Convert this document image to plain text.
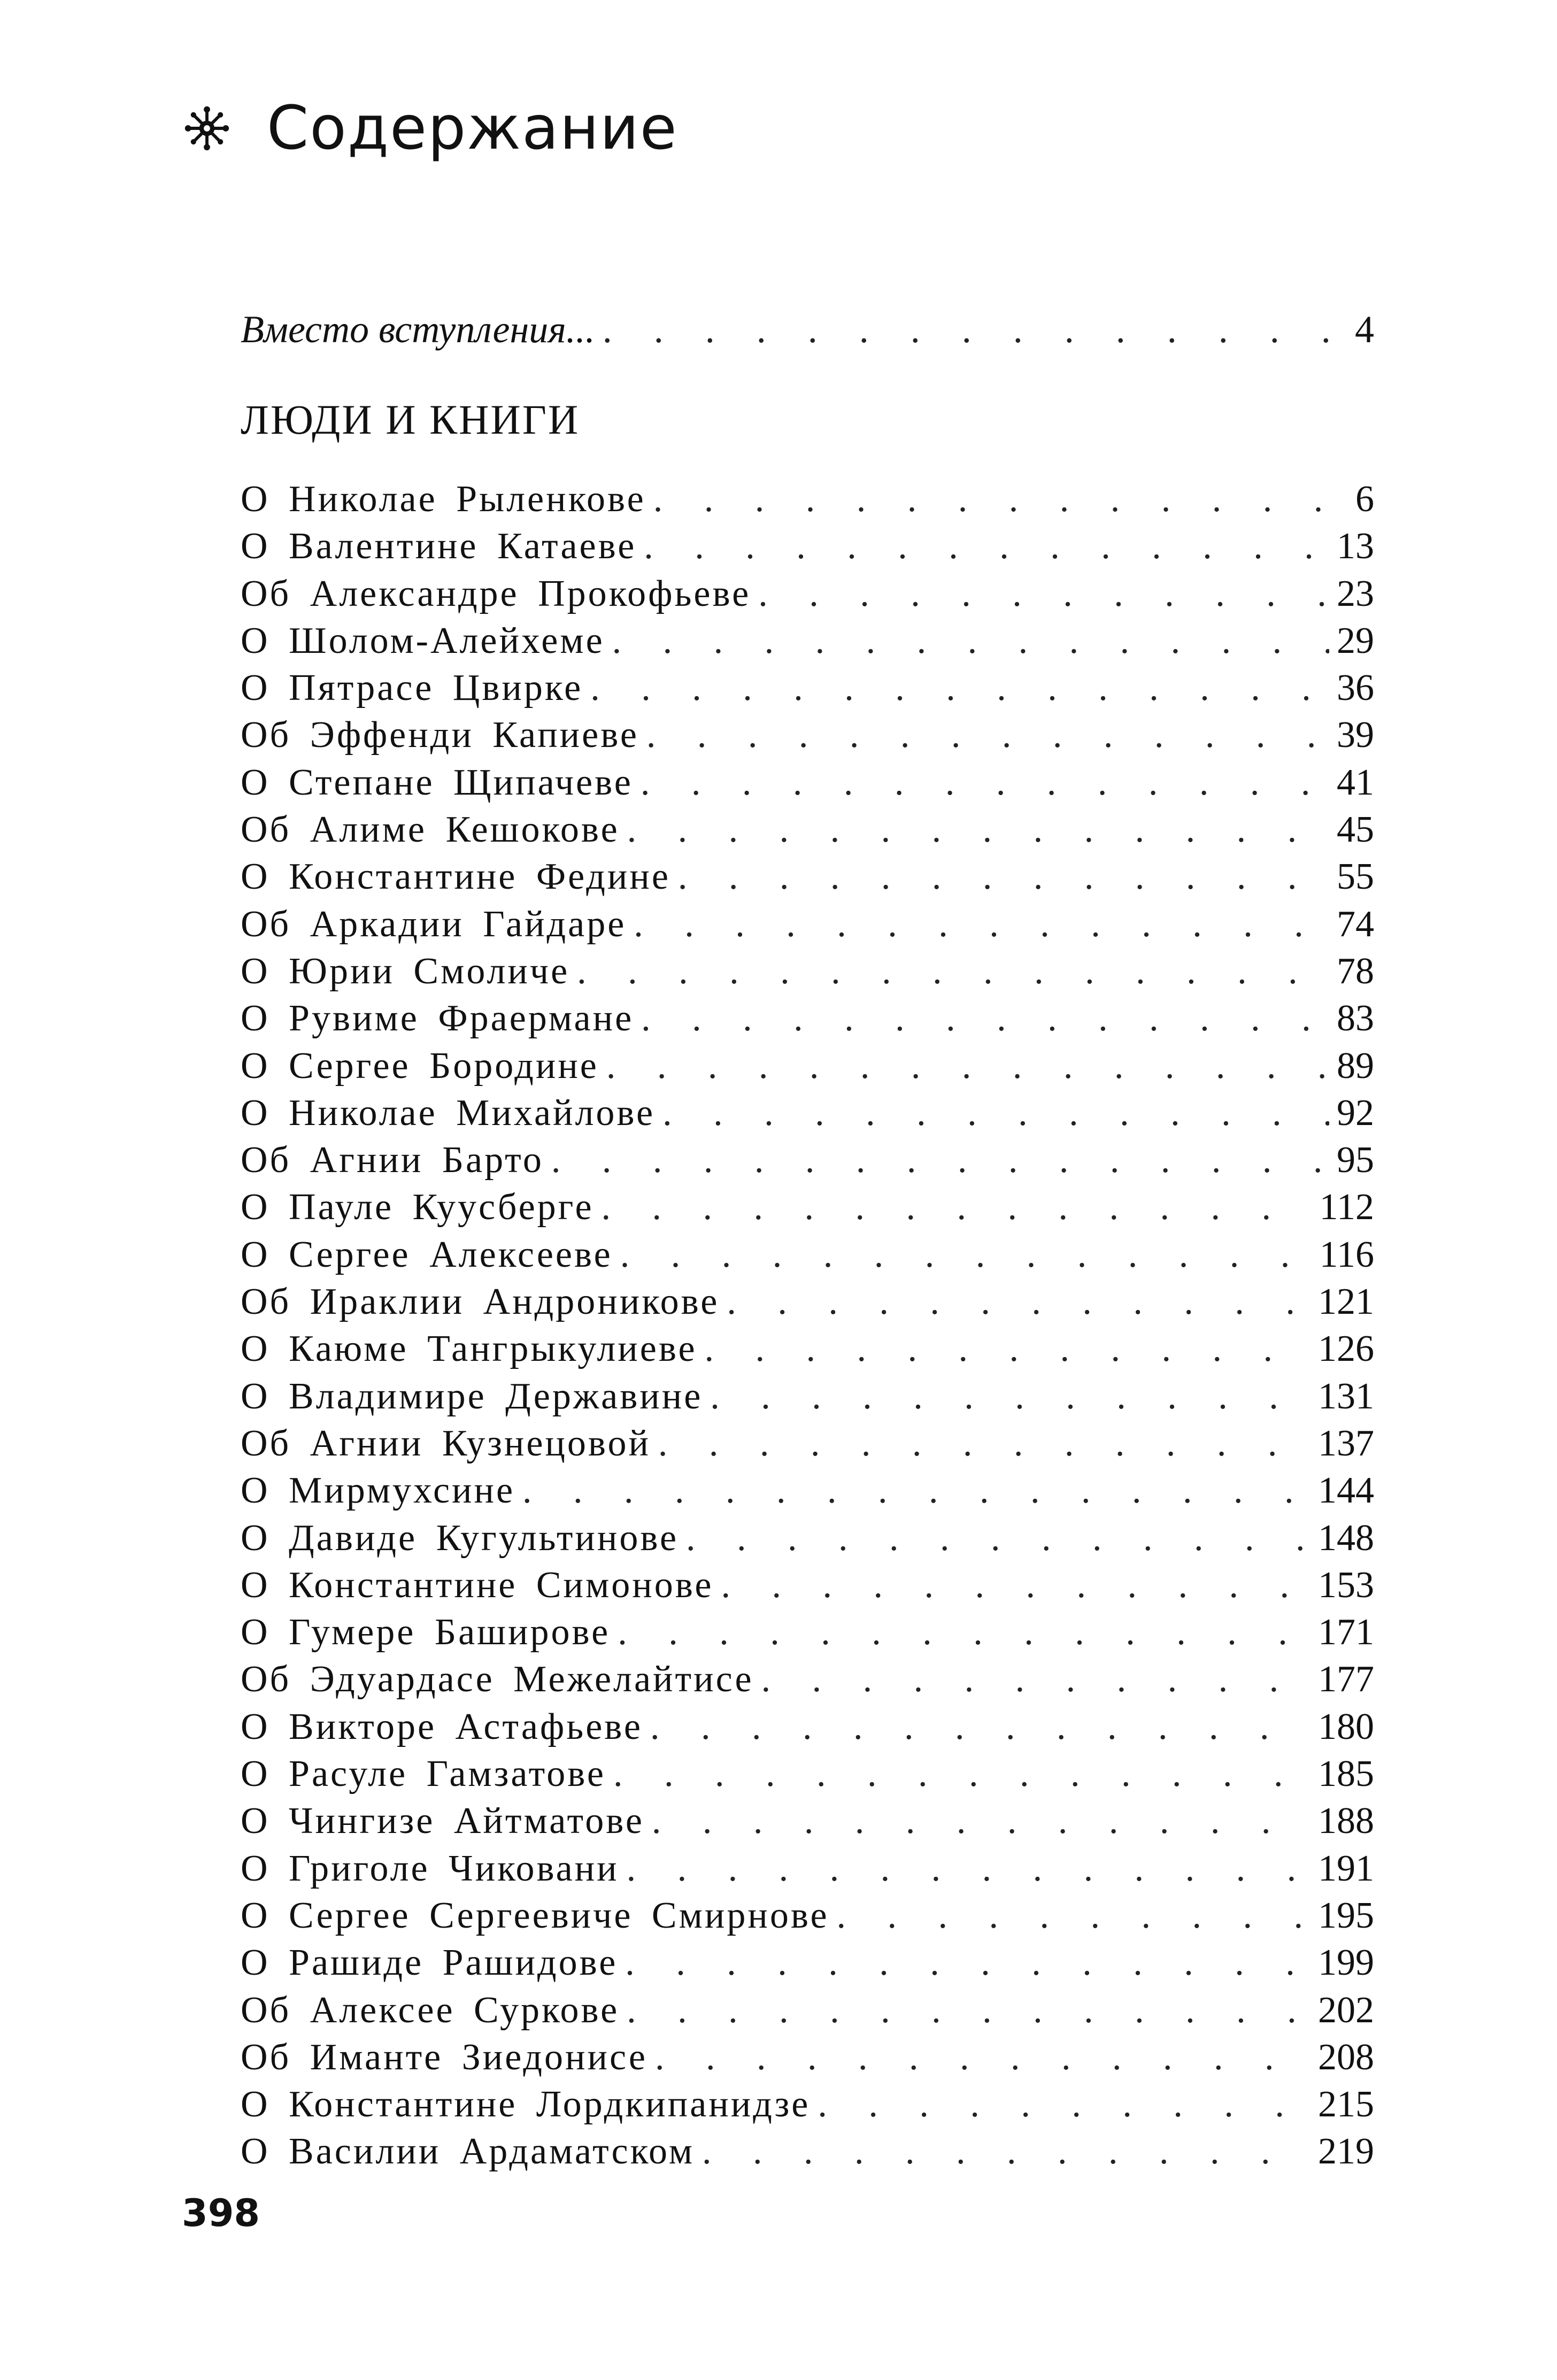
Содержание
Вместо вступления... . . .	4
ЛЮДИ И КНИГИ
О Николае Рыленкове . . .	6
О Валентине Катаеве . . .	13
Об Александре Прокофьеве . . .	23
О Шолом-Алейхеме . . .	29
О Пятрасе Цвирке . . .	36
Об Эффенди Капиеве . . .	39
О Степане Щипачеве . . .	41
Об Алиме Кешокове . . .	45
О Константине Федине . . .	55
Об Аркадии Гайдаре . . .	74
О Юрии Смоличе . . .	78
О Рувиме Фраермане . . .	83
О Сергее Бородине . . .	89
О Николае Михайлове . . .	92
Об Агнии Барто . . .	95
О Пауле Куусберге . . .	112
О Сергее Алексееве . . .	116
Об Ираклии Андроникове . . .	121
О Каюме Тангрыкулиеве . . .	126
О Владимире Державине . . .	131
Об Агнии Кузнецовой . . .	137
О Мирмухсине . . .	144
О Давиде Кугультинове . . .	148
О Константине Симонове . . .	153
О Гумере Баширове . . .	171
Об Эдуардасе Межелайтисе . . .	177
О Викторе Астафьеве . . .	180
О Расуле Гамзатове . . .	185
О Чингизе Айтматове . . .	188
О Григоле Чиковани . . .	191
О Сергее Сергеевиче Смирнове . . .	195
О Рашиде Рашидове . . .	199
Об Алексее Суркове . . .	202
Об Иманте Зиедонисе . . .	208
О Константине Лордкипанидзе . . .	215
О Василии Ардаматском . . .	219
398
